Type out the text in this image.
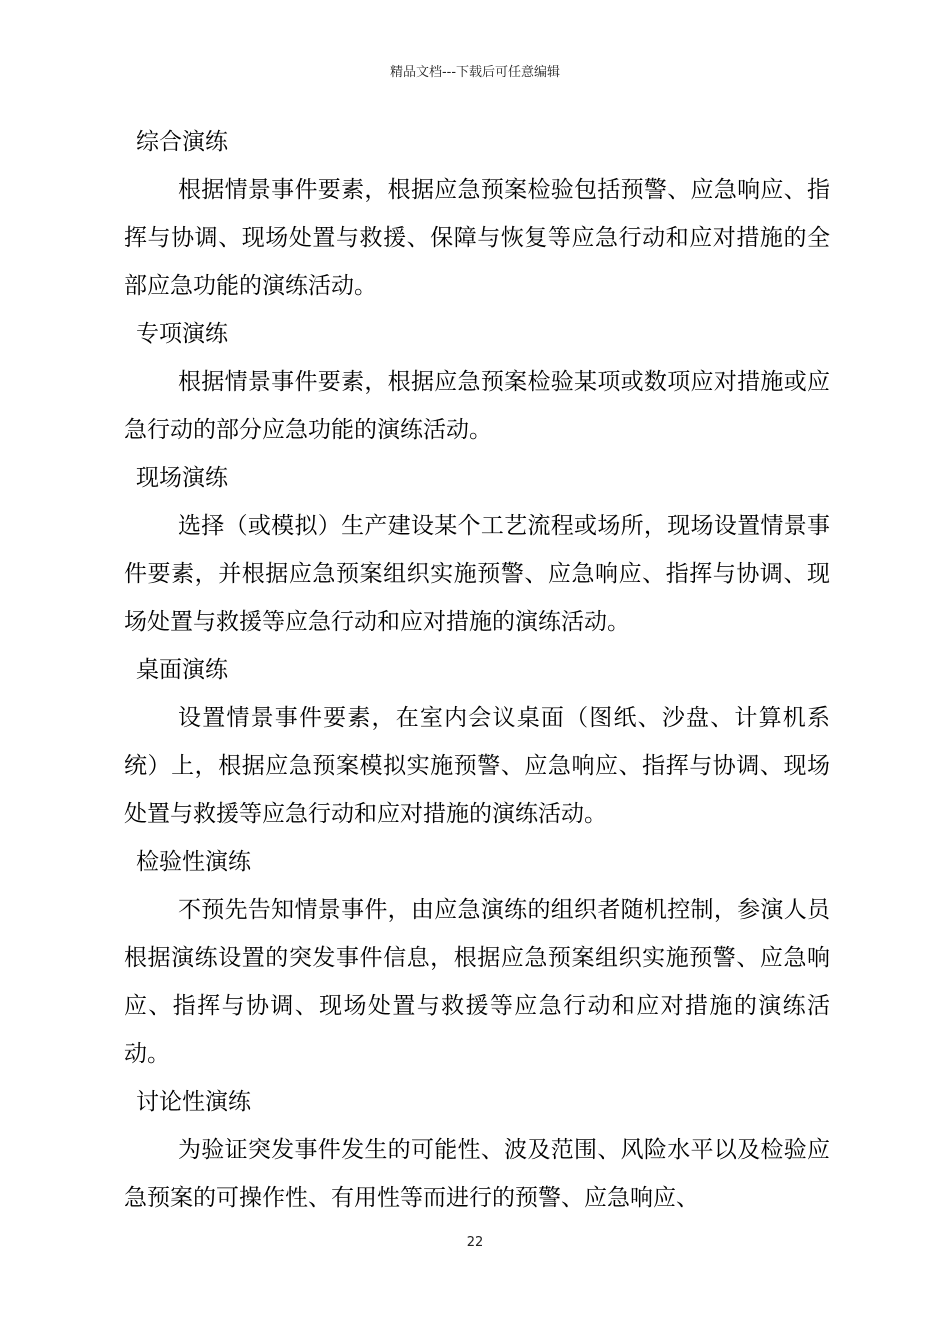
精品文档---下载后可任意编辑
综合演练

根据情景事件要素，根据应急预案检验包括预警、应急响应、指挥与协调、现场处置与救援、保障与恢复等应急行动和应对措施的全部应急功能的演练活动。

专项演练

根据情景事件要素，根据应急预案检验某项或数项应对措施或应急行动的部分应急功能的演练活动。

现场演练

选择（或模拟）生产建设某个工艺流程或场所，现场设置情景事件要素，并根据应急预案组织实施预警、应急响应、指挥与协调、现场处置与救援等应急行动和应对措施的演练活动。

桌面演练

设置情景事件要素，在室内会议桌面（图纸、沙盘、计算机系统）上，根据应急预案模拟实施预警、应急响应、指挥与协调、现场处置与救援等应急行动和应对措施的演练活动。

检验性演练

不预先告知情景事件，由应急演练的组织者随机控制，参演人员根据演练设置的突发事件信息，根据应急预案组织实施预警、应急响应、指挥与协调、现场处置与救援等应急行动和应对措施的演练活动。

讨论性演练

为验证突发事件发生的可能性、波及范围、风险水平以及检验应急预案的可操作性、有用性等而进行的预警、应急响应、

22
